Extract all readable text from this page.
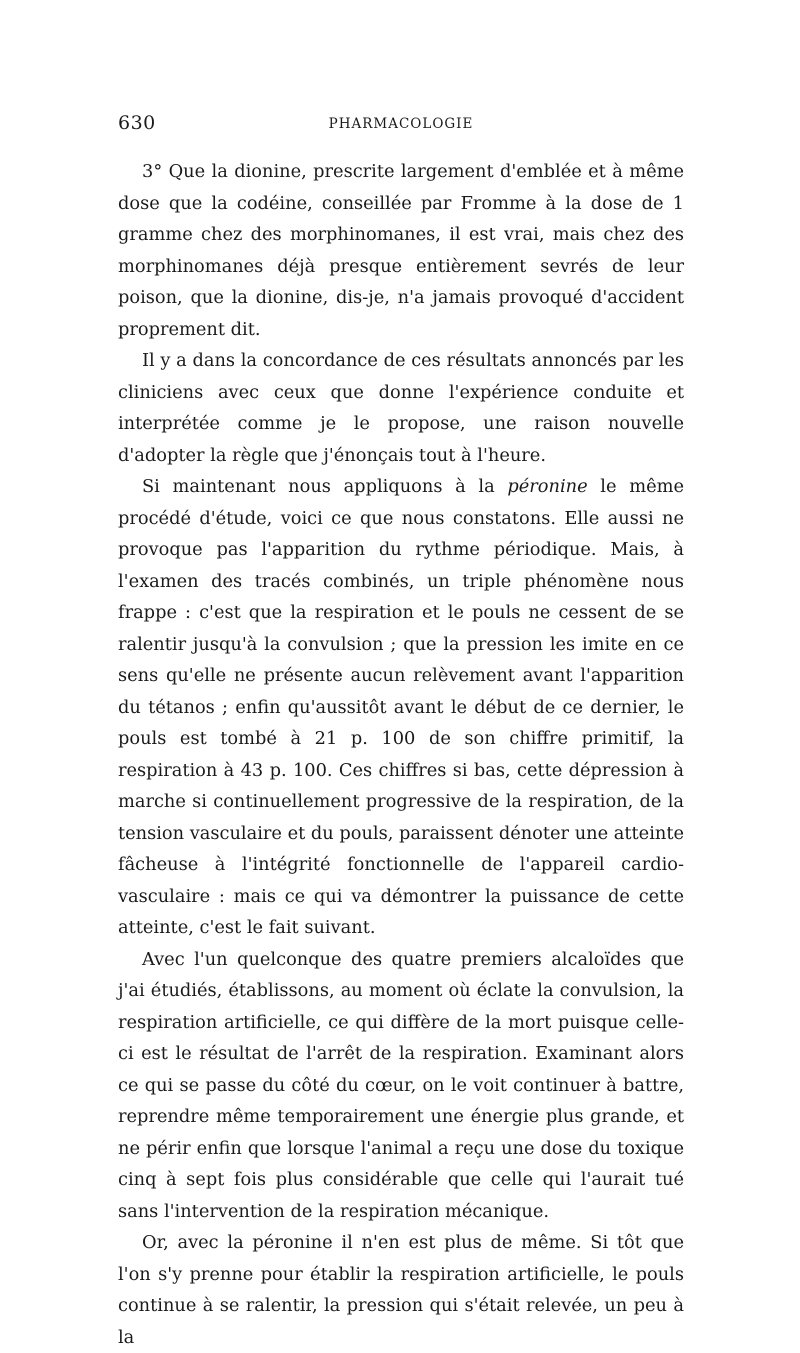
630	PHARMACOLOGIE

3° Que la dionine, prescrite largement d'emblée et à même dose que la codéine, conseillée par Fromme à la dose de 1 gramme chez des morphinomanes, il est vrai, mais chez des morphinomanes déjà presque entièrement sevrés de leur poison, que la dionine, dis-je, n'a jamais provoqué d'accident proprement dit.

Il y a dans la concordance de ces résultats annoncés par les cliniciens avec ceux que donne l'expérience conduite et interprétée comme je le propose, une raison nouvelle d'adopter la règle que j'énonçais tout à l'heure.

Si maintenant nous appliquons à la péronine le même procédé d'étude, voici ce que nous constatons. Elle aussi ne provoque pas l'apparition du rythme périodique. Mais, à l'examen des tracés combinés, un triple phénomène nous frappe : c'est que la respiration et le pouls ne cessent de se ralentir jusqu'à la convulsion ; que la pression les imite en ce sens qu'elle ne présente aucun relèvement avant l'apparition du tétanos ; enfin qu'aussitôt avant le début de ce dernier, le pouls est tombé à 21 p. 100 de son chiffre primitif, la respiration à 43 p. 100. Ces chiffres si bas, cette dépression à marche si continuellement progressive de la respiration, de la tension vasculaire et du pouls, paraissent dénoter une atteinte fâcheuse à l'intégrité fonctionnelle de l'appareil cardio-vasculaire : mais ce qui va démontrer la puissance de cette atteinte, c'est le fait suivant.

Avec l'un quelconque des quatre premiers alcaloïdes que j'ai étudiés, établissons, au moment où éclate la convulsion, la respiration artificielle, ce qui diffère de la mort puisque celle-ci est le résultat de l'arrêt de la respiration. Examinant alors ce qui se passe du côté du cœur, on le voit continuer à battre, reprendre même temporairement une énergie plus grande, et ne périr enfin que lorsque l'animal a reçu une dose du toxique cinq à sept fois plus considérable que celle qui l'aurait tué sans l'intervention de la respiration mécanique.

Or, avec la péronine il n'en est plus de même. Si tôt que l'on s'y prenne pour établir la respiration artificielle, le pouls continue à se ralentir, la pression qui s'était relevée, un peu à la
